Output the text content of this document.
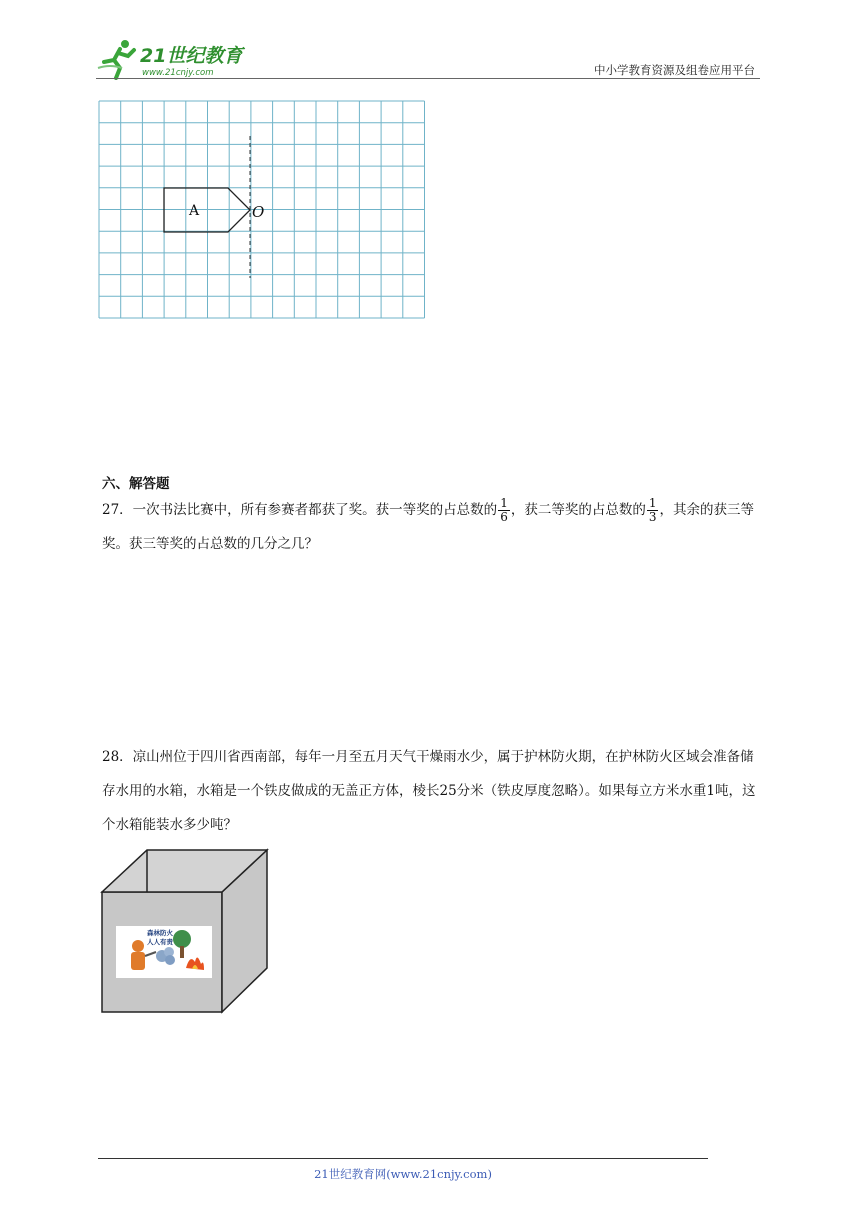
21世纪教育
www.21cnjy.com	中小学教育资源及组卷应用平台
A	O
六、解答题
27．一次书法比赛中，所有参赛者都获了奖。获一等奖的占总数的 $\frac{1}{6}$ ，获二等奖的占总数的 $\frac{1}{3}$ ，其余的获三等奖。获三等奖的占总数的几分之几？
28．凉山州位于四川省西南部，每年一月至五月天气干燥雨水少，属于护林防火期，在护林防火区域会准备储存水用的水箱，水箱是一个铁皮做成的无盖正方体，棱长25分米（铁皮厚度忽略）。如果每立方米水重1吨，这个水箱能装水多少吨？
森林防火
人人有责
21世纪教育网(www.21cnjy.com)
